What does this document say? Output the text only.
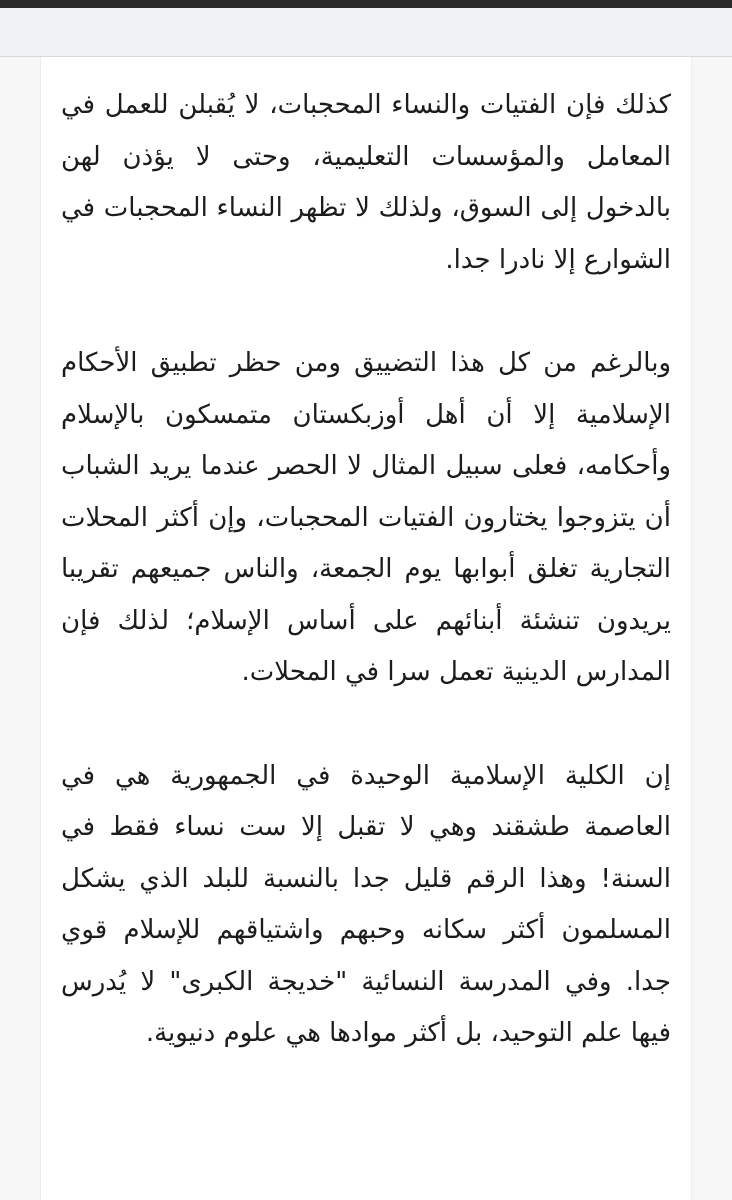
كذلك فإن الفتيات والنساء المحجبات، لا يُقبلن للعمل في المعامل والمؤسسات التعليمية، وحتى لا يؤذن لهن بالدخول إلى السوق، ولذلك لا تظهر النساء المحجبات في الشوارع إلا نادرا جدا.

وبالرغم من كل هذا التضييق ومن حظر تطبيق الأحكام الإسلامية إلا أن أهل أوزبكستان متمسكون بالإسلام وأحكامه، فعلى سبيل المثال لا الحصر عندما يريد الشباب أن يتزوجوا يختارون الفتيات المحجبات، وإن أكثر المحلات التجارية تغلق أبوابها يوم الجمعة، والناس جميعهم تقريبا يريدون تنشئة أبنائهم على أساس الإسلام؛ لذلك فإن المدارس الدينية تعمل سرا في المحلات.

إن الكلية الإسلامية الوحيدة في الجمهورية هي في العاصمة طشقند وهي لا تقبل إلا ست نساء فقط في السنة! وهذا الرقم قليل جدا بالنسبة للبلد الذي يشكل المسلمون أكثر سكانه وحبهم واشتياقهم للإسلام قوي جدا. وفي المدرسة النسائية "خديجة الكبرى" لا يُدرس فيها علم التوحيد، بل أكثر موادها هي علوم دنيوية.
